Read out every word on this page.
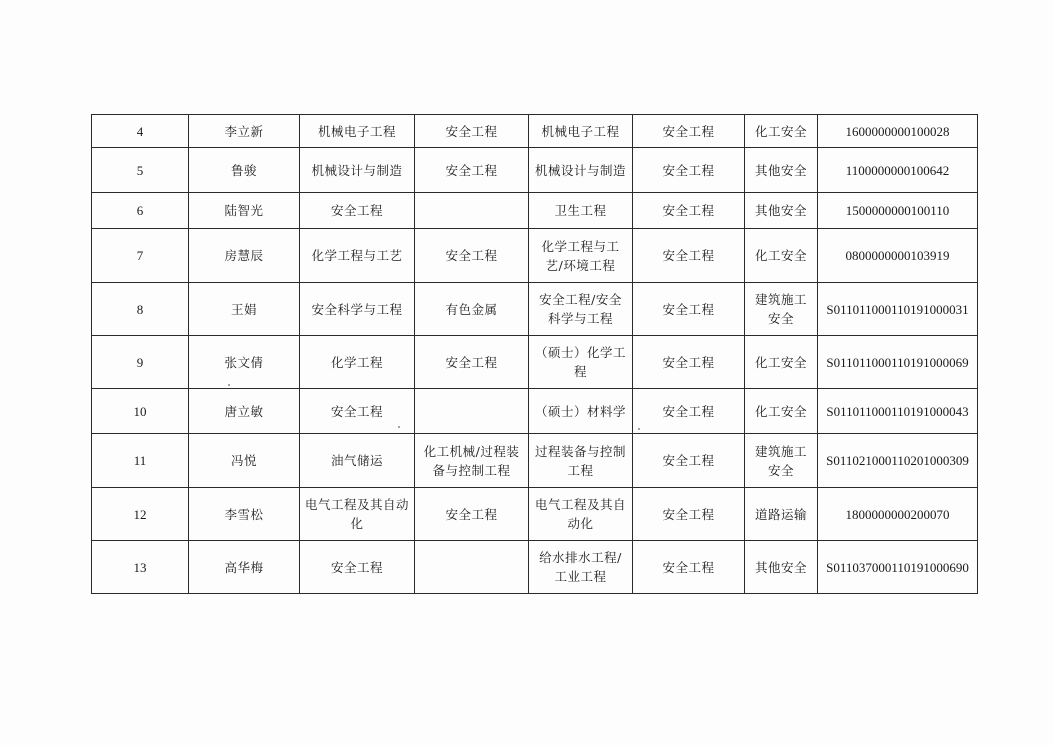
4	李立新	机械电子工程	安全工程	机械电子工程	安全工程	化工安全	1600000000100028
5	鲁骏	机械设计与制造	安全工程	机械设计与制造	安全工程	其他安全	1100000000100642
6	陆智光	安全工程		卫生工程	安全工程	其他安全	1500000000100110
7	房慧辰	化学工程与工艺	安全工程	化学工程与工艺/环境工程	安全工程	化工安全	0800000000103919
8	王娟	安全科学与工程	有色金属	安全工程/安全科学与工程	安全工程	建筑施工安全	S011011000110191000031
9	张文倩	化学工程	安全工程	（硕士）化学工程	安全工程	化工安全	S011011000110191000069
10	唐立敏	安全工程		（硕士）材料学	安全工程	化工安全	S011011000110191000043
11	冯悦	油气储运	化工机械/过程装备与控制工程	过程装备与控制工程	安全工程	建筑施工安全	S011021000110201000309
12	李雪松	电气工程及其自动化	安全工程	电气工程及其自动化	安全工程	道路运输	1800000000200070
13	高华梅	安全工程		给水排水工程/工业工程	安全工程	其他安全	S011037000110191000690
